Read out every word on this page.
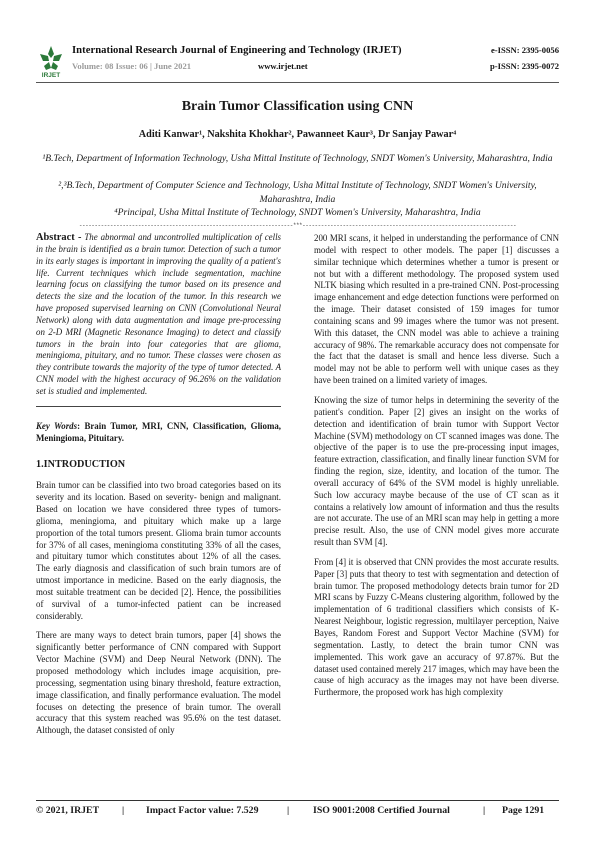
IRJET
International Research Journal of Engineering and Technology (IRJET)
Volume: 08 Issue: 06 | June 2021	www.irjet.net
e-ISSN: 2395-0056
p-ISSN: 2395-0072
Brain Tumor Classification using CNN
Aditi Kanwar¹, Nakshita Khokhar², Pawanneet Kaur³, Dr Sanjay Pawar⁴
¹B.Tech, Department of Information Technology, Usha Mittal Institute of Technology, SNDT Women's University, Maharashtra, India
²,³B.Tech, Department of Computer Science and Technology, Usha Mittal Institute of Technology, SNDT Women's University, Maharashtra, India
⁴Principal, Usha Mittal Institute of Technology, SNDT Women's University, Maharashtra, India
---------------------------------------------------------------------***---------------------------------------------------------------------

Abstract - The abnormal and uncontrolled multiplication of cells in the brain is identified as a brain tumor. Detection of such a tumor in its early stages is important in improving the quality of a patient's life. Current techniques which include segmentation, machine learning focus on classifying the tumor based on its presence and detects the size and the location of the tumor. In this research we have proposed supervised learning on CNN (Convolutional Neural Network) along with data augmentation and image pre-processing on 2-D MRI (Magnetic Resonance Imaging) to detect and classify tumors in the brain into four categories that are glioma, meningioma, pituitary, and no tumor. These classes were chosen as they contribute towards the majority of the type of tumor detected. A CNN model with the highest accuracy of 96.26% on the validation set is studied and implemented.

Key Words: Brain Tumor, MRI, CNN, Classification, Glioma, Meningioma, Pituitary.

1.INTRODUCTION

Brain tumor can be classified into two broad categories based on its severity and its location. Based on severity- benign and malignant. Based on location we have considered three types of tumors- glioma, meningioma, and pituitary which make up a large proportion of the total tumors present. Glioma brain tumor accounts for 37% of all cases, meningioma constituting 33% of all the cases, and pituitary tumor which constitutes about 12% of all the cases. The early diagnosis and classification of such brain tumors are of utmost importance in medicine. Based on the early diagnosis, the most suitable treatment can be decided [2]. Hence, the possibilities of survival of a tumor-infected patient can be increased considerably.

There are many ways to detect brain tumors, paper [4] shows the significantly better performance of CNN compared with Support Vector Machine (SVM) and Deep Neural Network (DNN). The proposed methodology which includes image acquisition, pre-processing, segmentation using binary threshold, feature extraction, image classification, and finally performance evaluation. The model focuses on detecting the presence of brain tumor. The overall accuracy that this system reached was 95.6% on the test dataset. Although, the dataset consisted of only

200 MRI scans, it helped in understanding the performance of CNN model with respect to other models. The paper [1] discusses a similar technique which determines whether a tumor is present or not but with a different methodology. The proposed system used NLTK biasing which resulted in a pre-trained CNN. Post-processing image enhancement and edge detection functions were performed on the image. Their dataset consisted of 159 images for tumor containing scans and 99 images where the tumor was not present. With this dataset, the CNN model was able to achieve a training accuracy of 98%. The remarkable accuracy does not compensate for the fact that the dataset is small and hence less diverse. Such a model may not be able to perform well with unique cases as they have been trained on a limited variety of images.

Knowing the size of tumor helps in determining the severity of the patient's condition. Paper [2] gives an insight on the works of detection and identification of brain tumor with Support Vector Machine (SVM) methodology on CT scanned images was done. The objective of the paper is to use the pre-processing input images, feature extraction, classification, and finally linear function SVM for finding the region, size, identity, and location of the tumor. The overall accuracy of 64% of the SVM model is highly unreliable. Such low accuracy maybe because of the use of CT scan as it contains a relatively low amount of information and thus the results are not accurate. The use of an MRI scan may help in getting a more precise result. Also, the use of CNN model gives more accurate result than SVM [4].

From [4] it is observed that CNN provides the most accurate results. Paper [3] puts that theory to test with segmentation and detection of brain tumor. The proposed methodology detects brain tumor for 2D MRI scans by Fuzzy C-Means clustering algorithm, followed by the implementation of 6 traditional classifiers which consists of K-Nearest Neighbour, logistic regression, multilayer perception, Naive Bayes, Random Forest and Support Vector Machine (SVM) for segmentation. Lastly, to detect the brain tumor CNN was implemented. This work gave an accuracy of 97.87%. But the dataset used contained merely 217 images, which may have been the cause of high accuracy as the images may not have been diverse. Furthermore, the proposed work has high complexity

© 2021, IRJET | Impact Factor value: 7.529	| ISO 9001:2008 Certified Journal	| Page 1291
